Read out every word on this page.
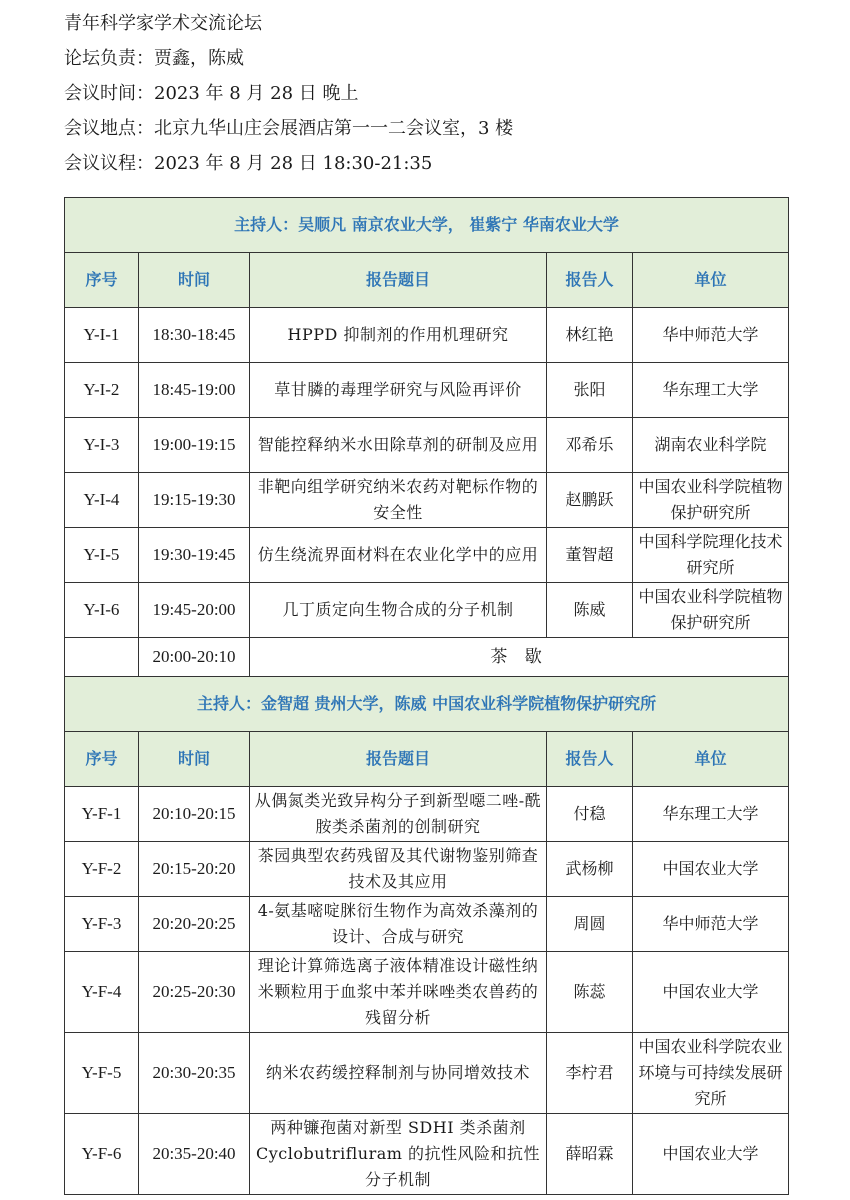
青年科学家学术交流论坛
论坛负责：贾鑫，陈威
会议时间：2023 年 8 月 28 日 晚上
会议地点：北京九华山庄会展酒店第一一二会议室，3 楼
会议议程：2023 年 8 月 28 日 18:30-21:35
主持人：吴顺凡 南京农业大学， 崔紫宁 华南农业大学				
序号	时间	报告题目	报告人	单位
Y-I-1	18:30-18:45	HPPD 抑制剂的作用机理研究	林红艳	华中师范大学
Y-I-2	18:45-19:00	草甘膦的毒理学研究与风险再评价	张阳	华东理工大学
Y-I-3	19:00-19:15	智能控释纳米水田除草剂的研制及应用	邓希乐	湖南农业科学院
Y-I-4	19:15-19:30	非靶向组学研究纳米农药对靶标作物的安全性	赵鹏跃	中国农业科学院植物保护研究所
Y-I-5	19:30-19:45	仿生绕流界面材料在农业化学中的应用	董智超	中国科学院理化技术研究所
Y-I-6	19:45-20:00	几丁质定向生物合成的分子机制	陈威	中国农业科学院植物保护研究所
	20:00-20:10	茶 歇		
主持人：金智超 贵州大学，陈威 中国农业科学院植物保护研究所				
序号	时间	报告题目	报告人	单位
Y-F-1	20:10-20:15	从偶氮类光致异构分子到新型噁二唑-酰胺类杀菌剂的创制研究	付稳	华东理工大学
Y-F-2	20:15-20:20	茶园典型农药残留及其代谢物鉴别筛查技术及其应用	武杨柳	中国农业大学
Y-F-3	20:20-20:25	4-氨基嘧啶脒衍生物作为高效杀藻剂的设计、合成与研究	周圆	华中师范大学
Y-F-4	20:25-20:30	理论计算筛选离子液体精准设计磁性纳米颗粒用于血浆中苯并咪唑类农兽药的残留分析	陈蕊	中国农业大学
Y-F-5	20:30-20:35	纳米农药缓控释制剂与协同增效技术	李柠君	中国农业科学院农业环境与可持续发展研究所
Y-F-6	20:35-20:40	两种镰孢菌对新型 SDHI 类杀菌剂 Cyclobutrifluram 的抗性风险和抗性分子机制	薛昭霖	中国农业大学
